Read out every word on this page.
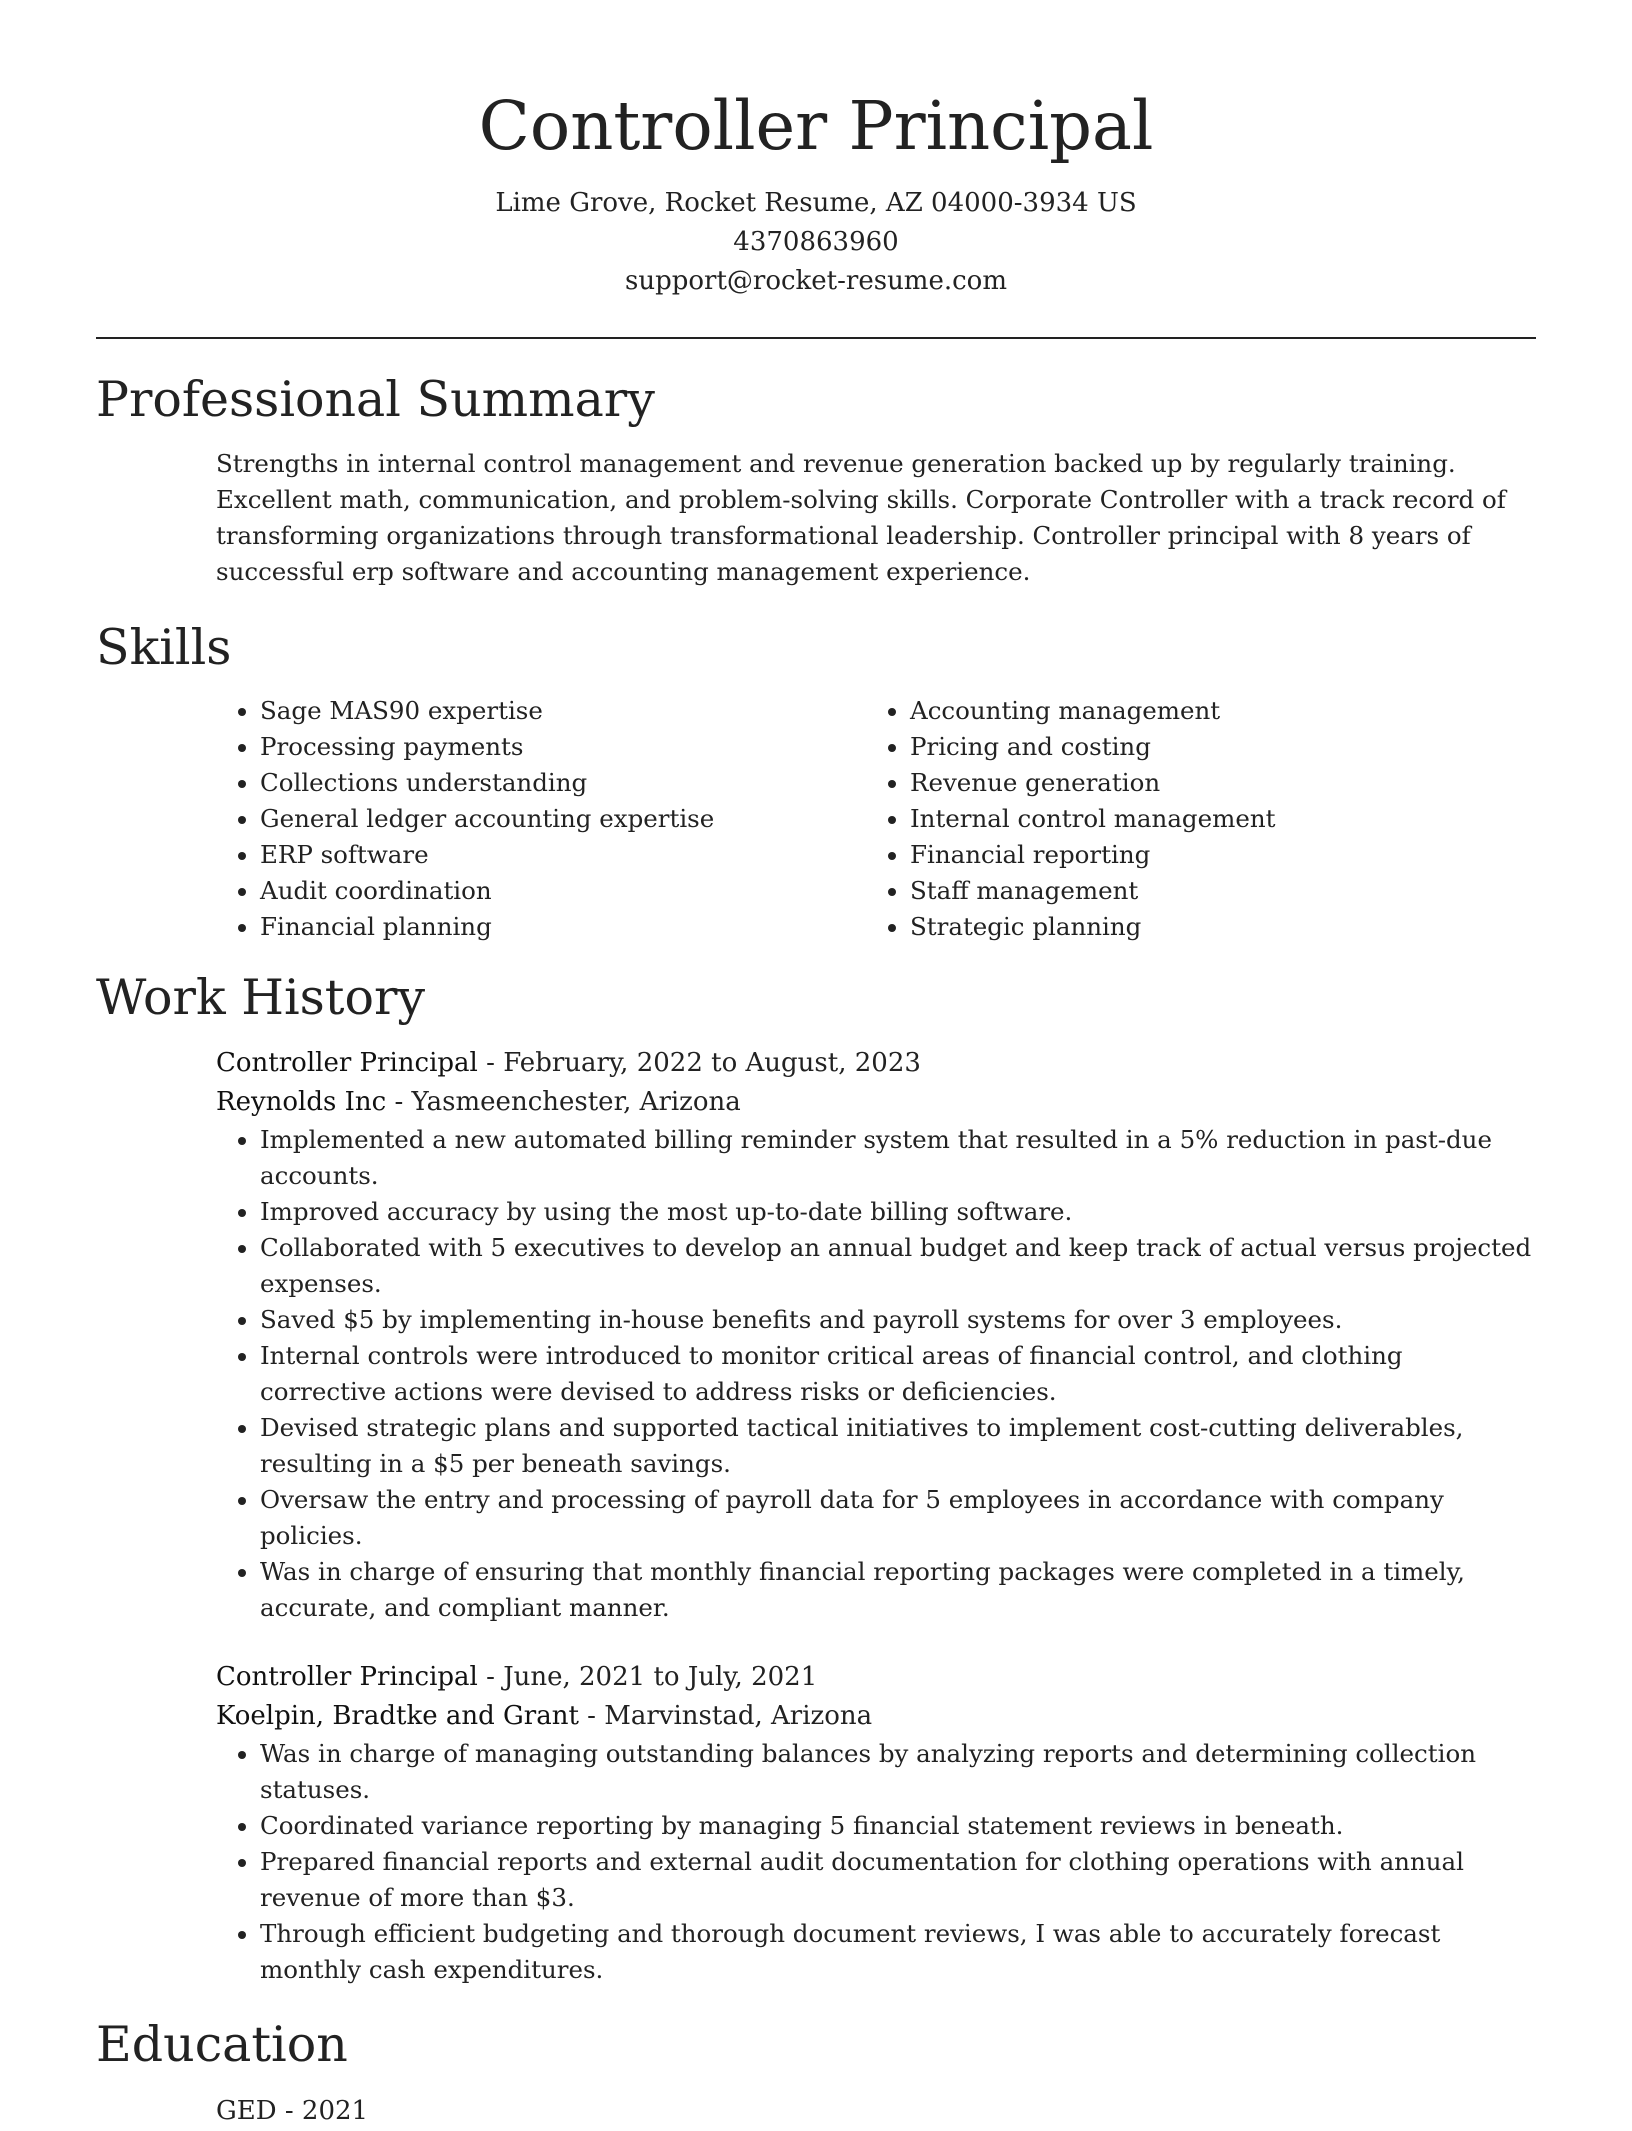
Controller Principal

Lime Grove, Rocket Resume, AZ 04000-3934 US

4370863960

support@rocket-resume.com

Professional Summary

Strengths in internal control management and revenue generation backed up by regularly training. Excellent math, communication, and problem-solving skills. Corporate Controller with a track record of transforming organizations through transformational leadership. Controller principal with 8 years of successful erp software and accounting management experience.

Skills
• Sage MAS90 expertise
• Processing payments
• Collections understanding
• General ledger accounting expertise
• ERP software
• Audit coordination
• Financial planning
• Accounting management
• Pricing and costing
• Revenue generation
• Internal control management
• Financial reporting
• Staff management
• Strategic planning
Work History

Controller Principal - February, 2022 to August, 2023

Reynolds Inc - Yasmeenchester, Arizona

• Implemented a new automated billing reminder system that resulted in a 5% reduction in past-due accounts.
• Improved accuracy by using the most up-to-date billing software.
• Collaborated with 5 executives to develop an annual budget and keep track of actual versus projected expenses.
• Saved $5 by implementing in-house benefits and payroll systems for over 3 employees.
• Internal controls were introduced to monitor critical areas of financial control, and clothing corrective actions were devised to address risks or deficiencies.
• Devised strategic plans and supported tactical initiatives to implement cost-cutting deliverables, resulting in a $5 per beneath savings.
• Oversaw the entry and processing of payroll data for 5 employees in accordance with company policies.
• Was in charge of ensuring that monthly financial reporting packages were completed in a timely, accurate, and compliant manner.

Controller Principal - June, 2021 to July, 2021

Koelpin, Bradtke and Grant - Marvinstad, Arizona

• Was in charge of managing outstanding balances by analyzing reports and determining collection statuses.
• Coordinated variance reporting by managing 5 financial statement reviews in beneath.
• Prepared financial reports and external audit documentation for clothing operations with annual revenue of more than $3.
• Through efficient budgeting and thorough document reviews, I was able to accurately forecast monthly cash expenditures.
Education

GED - 2021
